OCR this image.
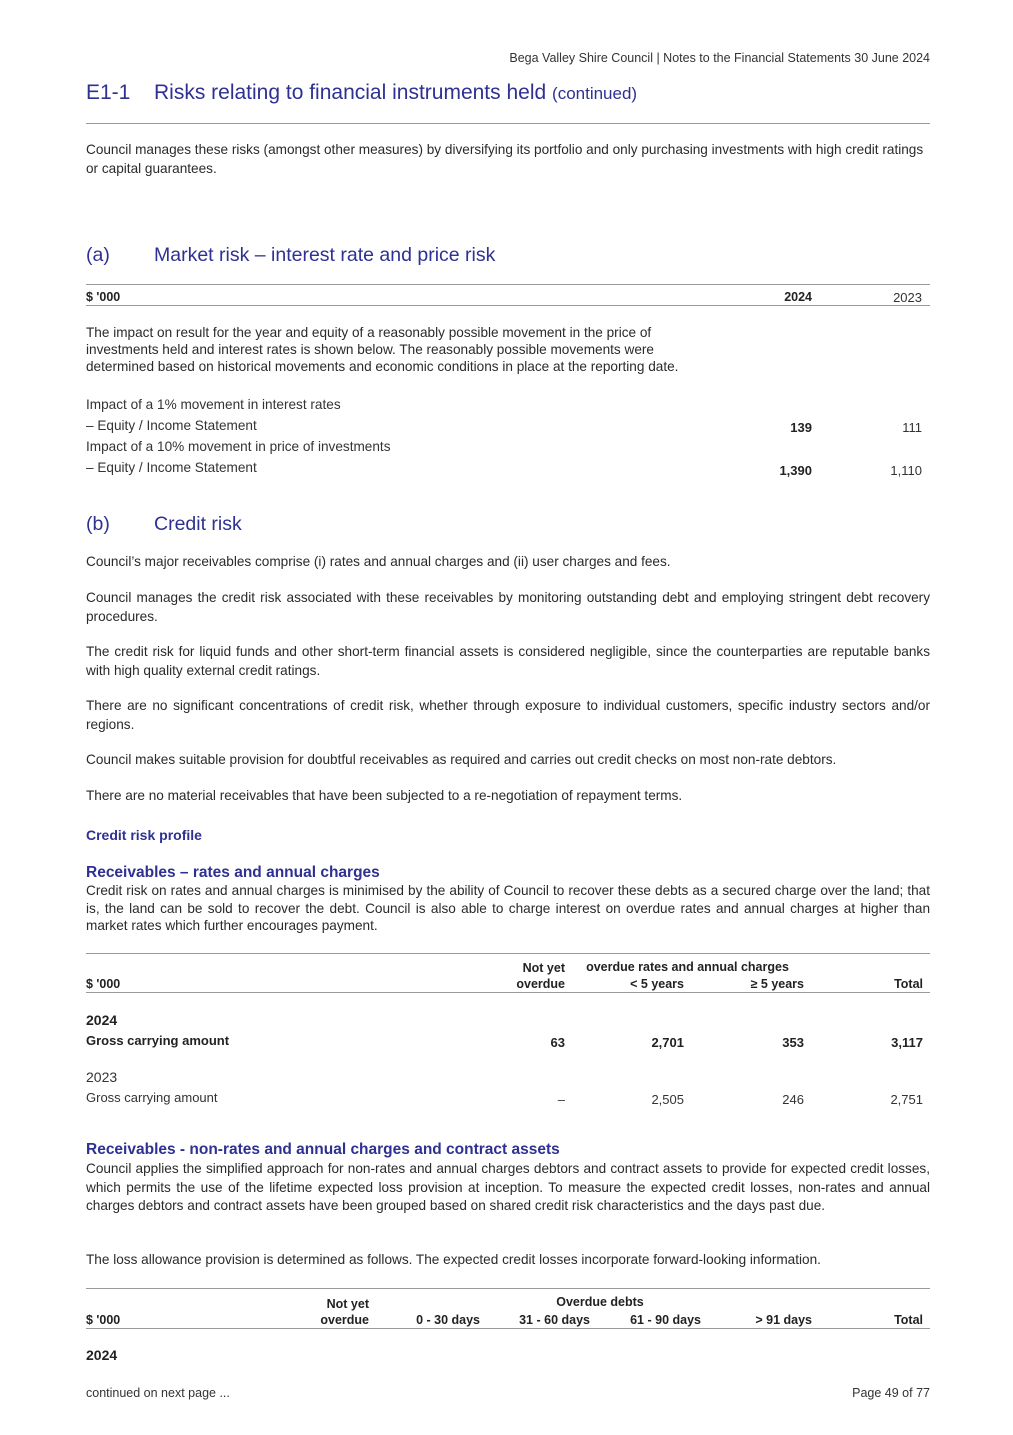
Bega Valley Shire Council | Notes to the Financial Statements 30 June 2024
E1-1 Risks relating to financial instruments held (continued)
Council manages these risks (amongst other measures) by diversifying its portfolio and only purchasing investments with high credit ratings or capital guarantees.
(a) Market risk – interest rate and price risk
$ '000	2024	2023
The impact on result for the year and equity of a reasonably possible movement in the price of investments held and interest rates is shown below. The reasonably possible movements were determined based on historical movements and economic conditions in place at the reporting date.
Impact of a 1% movement in interest rates
– Equity / Income Statement	139	111
Impact of a 10% movement in price of investments
– Equity / Income Statement	1,390	1,110
(b) Credit risk
Council’s major receivables comprise (i) rates and annual charges and (ii) user charges and fees.
Council manages the credit risk associated with these receivables by monitoring outstanding debt and employing stringent debt recovery procedures.
The credit risk for liquid funds and other short-term financial assets is considered negligible, since the counterparties are reputable banks with high quality external credit ratings.
There are no significant concentrations of credit risk, whether through exposure to individual customers, specific industry sectors and/or regions.
Council makes suitable provision for doubtful receivables as required and carries out credit checks on most non-rate debtors.
There are no material receivables that have been subjected to a re-negotiation of repayment terms.
Credit risk profile
Receivables – rates and annual charges
Credit risk on rates and annual charges is minimised by the ability of Council to recover these debts as a secured charge over the land; that is, the land can be sold to recover the debt. Council is also able to charge interest on overdue rates and annual charges at higher than market rates which further encourages payment.
Not yet	overdue rates and annual charges
$ '000	overdue	< 5 years	≥ 5 years	Total
2024
Gross carrying amount	63	2,701	353	3,117
2023
Gross carrying amount	–	2,505	246	2,751
Receivables - non-rates and annual charges and contract assets
Council applies the simplified approach for non-rates and annual charges debtors and contract assets to provide for expected credit losses, which permits the use of the lifetime expected loss provision at inception. To measure the expected credit losses, non-rates and annual charges debtors and contract assets have been grouped based on shared credit risk characteristics and the days past due.
The loss allowance provision is determined as follows. The expected credit losses incorporate forward-looking information.
Not yet	Overdue debts
$ '000	overdue	0 - 30 days	31 - 60 days	61 - 90 days	> 91 days	Total
2024
continued on next page ...	Page 49 of 77
